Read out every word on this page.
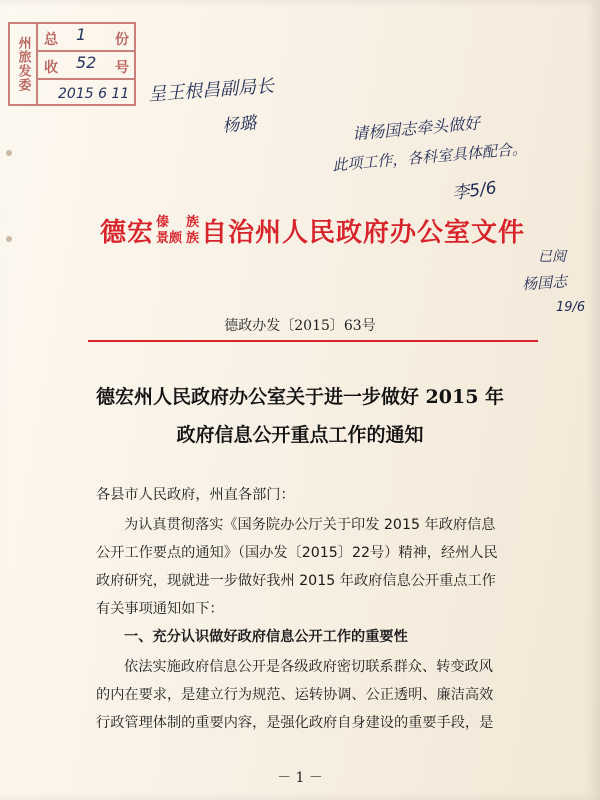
州旅发委 总 1 份
收 52 号
2015 6 11 呈王根昌副局长
杨璐	请杨国志牵头做好
此项工作，各科室具体配合。
李5/6
已阅
杨国志
19/6
德宏 傣
景颇
族
族 自治州人民政府办公室文件
德政办发〔2015〕63号
德宏州人民政府办公室关于进一步做好 2015 年
政府信息公开重点工作的通知
各县市人民政府，州直各部门：
为认真贯彻落实《国务院办公厅关于印发 2015 年政府信息
公开工作要点的通知》（国办发〔2015〕22号）精神，经州人民
政府研究，现就进一步做好我州 2015 年政府信息公开重点工作
有关事项通知如下：
一、充分认识做好政府信息公开工作的重要性
依法实施政府信息公开是各级政府密切联系群众、转变政风
的内在要求，是建立行为规范、运转协调、公正透明、廉洁高效
行政管理体制的重要内容，是强化政府自身建设的重要手段，是
－ 1 －
